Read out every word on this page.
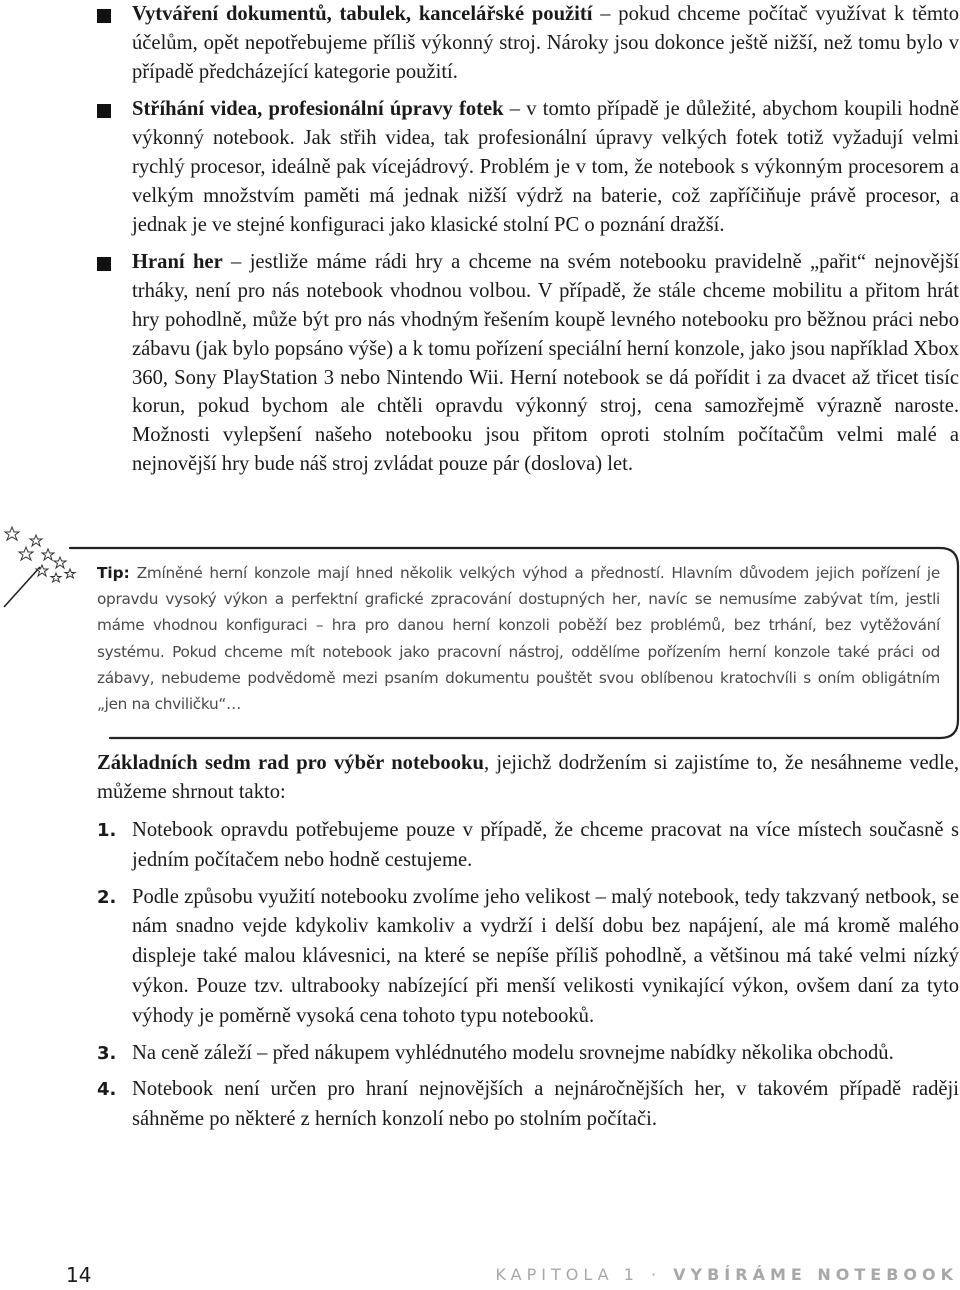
Vytváření dokumentů, tabulek, kancelářské použití – pokud chceme počítač využívat k těmto účelům, opět nepotřebujeme příliš výkonný stroj. Nároky jsou dokonce ještě nižší, než tomu bylo v případě předcházející kategorie použití.
Stříhání videa, profesionální úpravy fotek – v tomto případě je důležité, abychom koupili hodně výkonný notebook. Jak střih videa, tak profesionální úpravy velkých fotek totiž vyžadují velmi rychlý procesor, ideálně pak vícejádrový. Problém je v tom, že notebook s výkonným procesorem a velkým množstvím paměti má jednak nižší výdrž na baterie, což zapříčiňuje právě procesor, a jednak je ve stejné konfiguraci jako klasické stolní PC o poznání dražší.
Hraní her – jestliže máme rádi hry a chceme na svém notebooku pravidelně „pařit“ nejnovější trháky, není pro nás notebook vhodnou volbou. V případě, že stále chceme mobilitu a přitom hrát hry pohodlně, může být pro nás vhodným řešením koupě levného notebooku pro běžnou práci nebo zábavu (jak bylo popsáno výše) a k tomu pořízení speciální herní konzole, jako jsou například Xbox 360, Sony PlayStation 3 nebo Nintendo Wii. Herní notebook se dá pořídit i za dvacet až třicet tisíc korun, pokud bychom ale chtěli opravdu výkonný stroj, cena samozřejmě výrazně naroste. Možnosti vylepšení našeho notebooku jsou přitom oproti stolním počítačům velmi malé a nejnovější hry bude náš stroj zvládat pouze pár (doslova) let.
Tip: Zmíněné herní konzole mají hned několik velkých výhod a předností. Hlavním důvodem jejich pořízení je opravdu vysoký výkon a perfektní grafické zpracování dostupných her, navíc se nemusíme zabývat tím, jestli máme vhodnou konfiguraci – hra pro danou herní konzoli poběží bez problémů, bez trhání, bez vytěžování systému. Pokud chceme mít notebook jako pracovní nástroj, oddělíme pořízením herní konzole také práci od zábavy, nebudeme podvědomě mezi psaním dokumentu pouštět svou oblíbenou kratochvíli s oním obligátním „jen na chviličku“…
Základních sedm rad pro výběr notebooku, jejichž dodržením si zajistíme to, že nesáhneme vedle, můžeme shrnout takto:
1. Notebook opravdu potřebujeme pouze v případě, že chceme pracovat na více místech současně s jedním počítačem nebo hodně cestujeme.
2. Podle způsobu využití notebooku zvolíme jeho velikost – malý notebook, tedy takzvaný netbook, se nám snadno vejde kdykoliv kamkoliv a vydrží i delší dobu bez napájení, ale má kromě malého displeje také malou klávesnici, na které se nepíše příliš pohodlně, a většinou má také velmi nízký výkon. Pouze tzv. ultrabooky nabízející při menší velikosti vynikající výkon, ovšem daní za tyto výhody je poměrně vysoká cena tohoto typu notebooků.
3. Na ceně záleží – před nákupem vyhlédnutého modelu srovnejme nabídky několika obchodů.
4. Notebook není určen pro hraní nejnovějších a nejnáročnějších her, v takovém případě raději sáhněme po některé z herních konzolí nebo po stolním počítači.
14	KAPITOLA 1 · VYBÍRÁME NOTEBOOK
